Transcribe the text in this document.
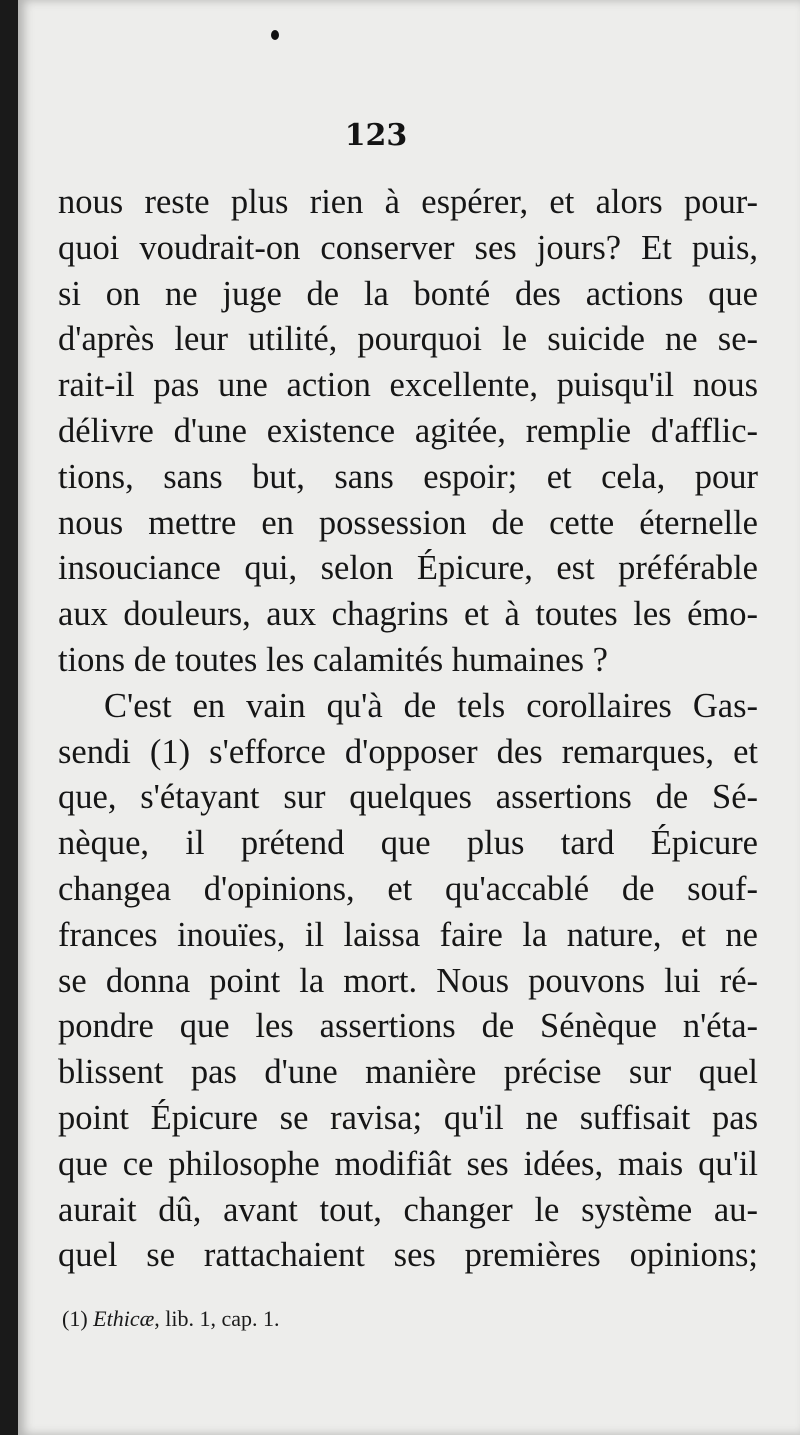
123
nous reste plus rien à espérer, et alors pour-
quoi voudrait-on conserver ses jours? Et puis,
si on ne juge de la bonté des actions que
d'après leur utilité, pourquoi le suicide ne se-
rait-il pas une action excellente, puisqu'il nous
délivre d'une existence agitée, remplie d'afflic-
tions, sans but, sans espoir; et cela, pour
nous mettre en possession de cette éternelle
insouciance qui, selon Épicure, est préférable
aux douleurs, aux chagrins et à toutes les émo-
tions de toutes les calamités humaines ?
C'est en vain qu'à de tels corollaires Gas-
sendi (1) s'efforce d'opposer des remarques, et
que, s'étayant sur quelques assertions de Sé-
nèque, il prétend que plus tard Épicure
changea d'opinions, et qu'accablé de souf-
frances inouïes, il laissa faire la nature, et ne
se donna point la mort. Nous pouvons lui ré-
pondre que les assertions de Sénèque n'éta-
blissent pas d'une manière précise sur quel
point Épicure se ravisa; qu'il ne suffisait pas
que ce philosophe modifiât ses idées, mais qu'il
aurait dû, avant tout, changer le système au-
quel se rattachaient ses premières opinions;
(1) Ethicæ, lib. 1, cap. 1.
